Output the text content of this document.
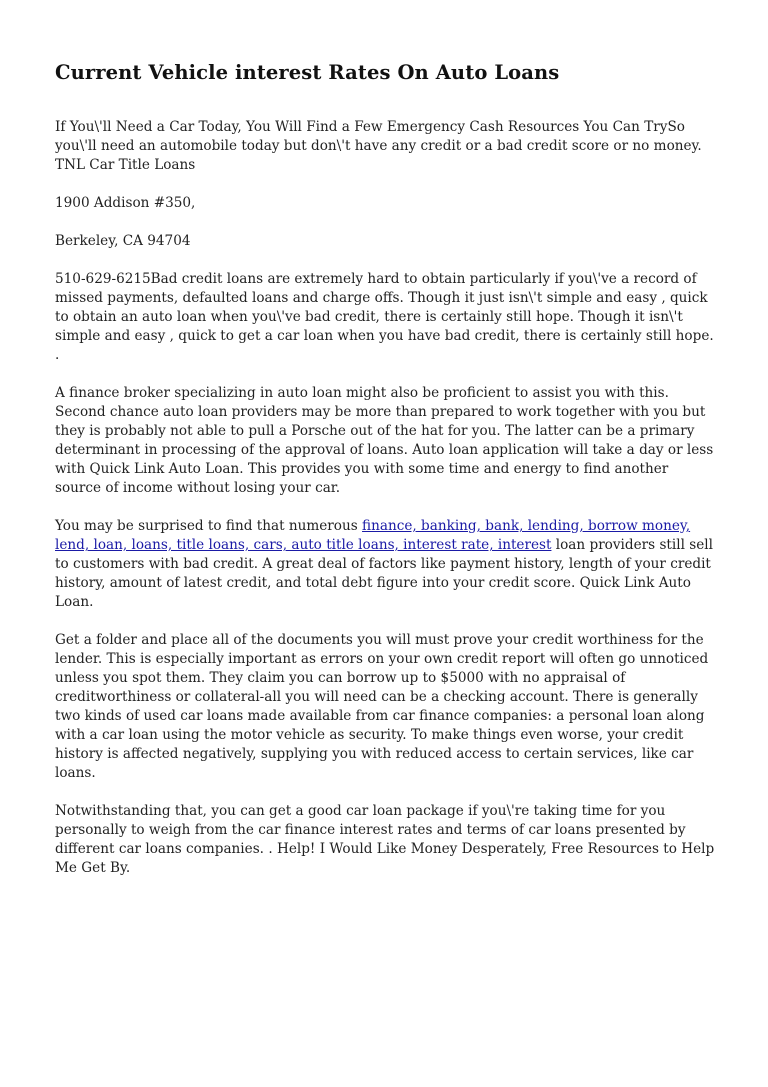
Current Vehicle interest Rates On Auto Loans

If You\'ll Need a Car Today, You Will Find a Few Emergency Cash Resources You Can TrySo you\'ll need an automobile today but don\'t have any credit or a bad credit score or no money. TNL Car Title Loans

1900 Addison #350,

Berkeley, CA 94704

510-629-6215Bad credit loans are extremely hard to obtain particularly if you\'ve a record of missed payments, defaulted loans and charge offs. Though it just isn\'t simple and easy , quick to obtain an auto loan when you\'ve bad credit, there is certainly still hope. Though it isn\'t simple and easy , quick to get a car loan when you have bad credit, there is certainly still hope. .

A finance broker specializing in auto loan might also be proficient to assist you with this. Second chance auto loan providers may be more than prepared to work together with you but they is probably not able to pull a Porsche out of the hat for you. The latter can be a primary determinant in processing of the approval of loans. Auto loan application will take a day or less with Quick Link Auto Loan. This provides you with some time and energy to find another source of income without losing your car.

You may be surprised to find that numerous finance, banking, bank, lending, borrow money, lend, loan, loans, title loans, cars, auto title loans, interest rate, interest loan providers still sell to customers with bad credit. A great deal of factors like payment history, length of your credit history, amount of latest credit, and total debt figure into your credit score. Quick Link Auto Loan.

Get a folder and place all of the documents you will must prove your credit worthiness for the lender. This is especially important as errors on your own credit report will often go unnoticed unless you spot them. They claim you can borrow up to $5000 with no appraisal of creditworthiness or collateral-all you will need can be a checking account. There is generally two kinds of used car loans made available from car finance companies: a personal loan along with a car loan using the motor vehicle as security. To make things even worse, your credit history is affected negatively, supplying you with reduced access to certain services, like car loans.

Notwithstanding that, you can get a good car loan package if you\'re taking time for you personally to weigh from the car finance interest rates and terms of car loans presented by different car loans companies. . Help! I Would Like Money Desperately, Free Resources to Help Me Get By.
